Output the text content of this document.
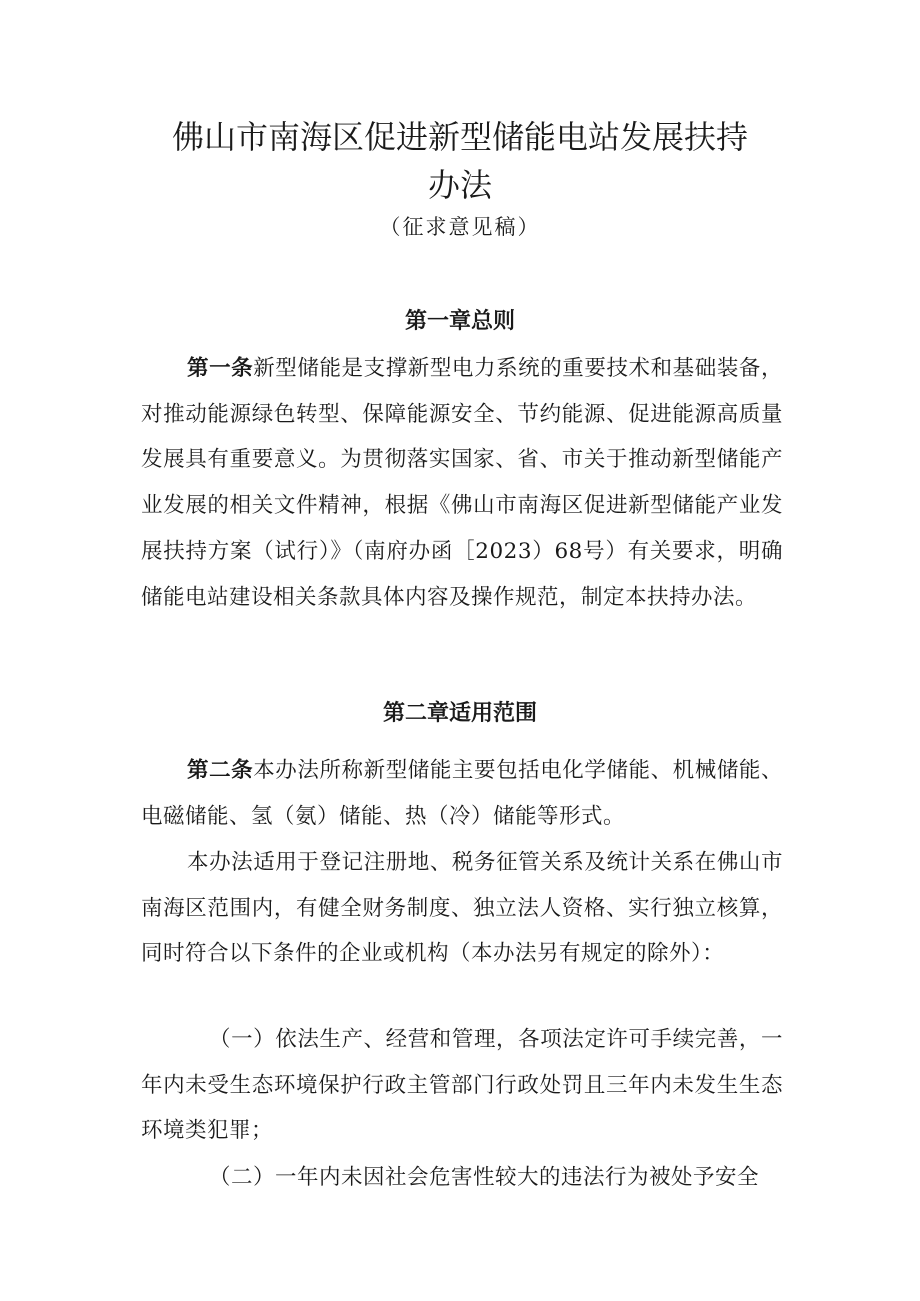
佛山市南海区促进新型储能电站发展扶持
办法
（征求意见稿）
第一章总则

第一条新型储能是支撑新型电力系统的重要技术和基础装备，对推动能源绿色转型、保障能源安全、节约能源、促进能源高质量发展具有重要意义。为贯彻落实国家、省、市关于推动新型储能产业发展的相关文件精神，根据《佛山市南海区促进新型储能产业发展扶持方案（试行）》（南府办函［2023）68号）有关要求，明确储能电站建设相关条款具体内容及操作规范，制定本扶持办法。

第二章适用范围

第二条本办法所称新型储能主要包括电化学储能、机械储能、电磁储能、氢（氨）储能、热（冷）储能等形式。

本办法适用于登记注册地、税务征管关系及统计关系在佛山市南海区范围内，有健全财务制度、独立法人资格、实行独立核算，同时符合以下条件的企业或机构（本办法另有规定的除外）：

（一）依法生产、经营和管理，各项法定许可手续完善，一年内未受生态环境保护行政主管部门行政处罚且三年内未发生生态环境类犯罪；

（二）一年内未因社会危害性较大的违法行为被处予安全
